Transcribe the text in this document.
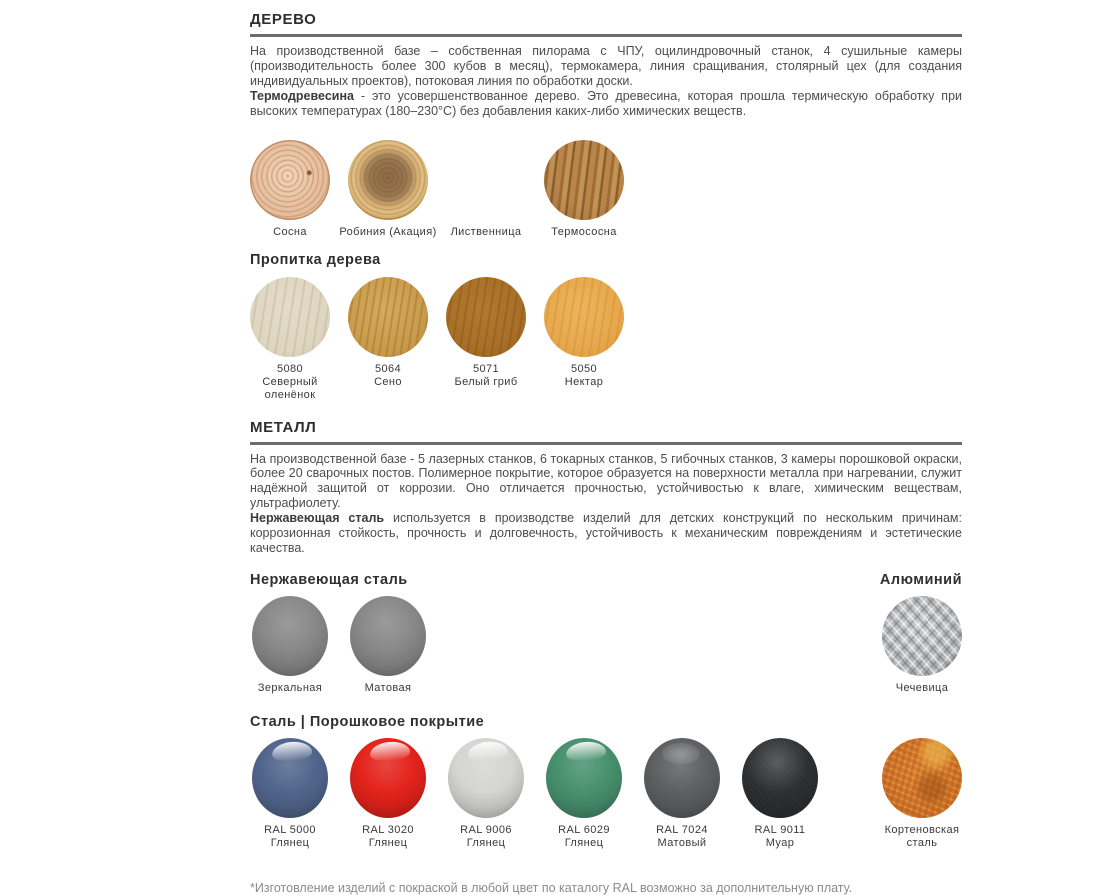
ДЕРЕВО

На производственной базе – собственная пилорама с ЧПУ, оцилиндровочный станок, 4 сушильные камеры (производительность более 300 кубов в месяц), термокамера, линия сращивания, столярный цех (для создания индивидуальных проектов), потоковая линия по обработки доски.

Термодревесина - это усовершенствованное дерево. Это древесина, которая прошла термическую обработку при высоких температурах (180–230°С) без добавления каких-либо химических веществ.

Сосна	Робиния (Акация)	Лиственница	Термососна
Пропитка дерева
5080
Северный оленёнок
5064
Сено
5071
Белый гриб
5050
Нектар
МЕТАЛЛ

На производственной базе - 5 лазерных станков, 6 токарных станков, 5 гибочных станков, 3 камеры порошковой окраски, более 20 сварочных постов. Полимерное покрытие, которое образуется на поверхности металла при нагревании, служит надёжной защитой от коррозии. Оно отличается прочностью, устойчивостью к влаге, химическим веществам, ультрафиолету.

Нержавеющая сталь используется в производстве изделий для детских конструкций по нескольким причинам: коррозионная стойкость, прочность и долговечность, устойчивость к механическим повреждениям и эстетические качества.

Нержавеющая сталь	Алюминий
Зеркальная	Матовая	Чечевица
Сталь | Порошковое покрытие
RAL 5000
Глянец
RAL 3020
Глянец
RAL 9006
Глянец
RAL 6029
Глянец
RAL 7024
Матовый
RAL 9011
Муар
Кортеновская сталь

*Изготовление изделий с покраской в любой цвет по каталогу RAL возможно за дополнительную плату.
